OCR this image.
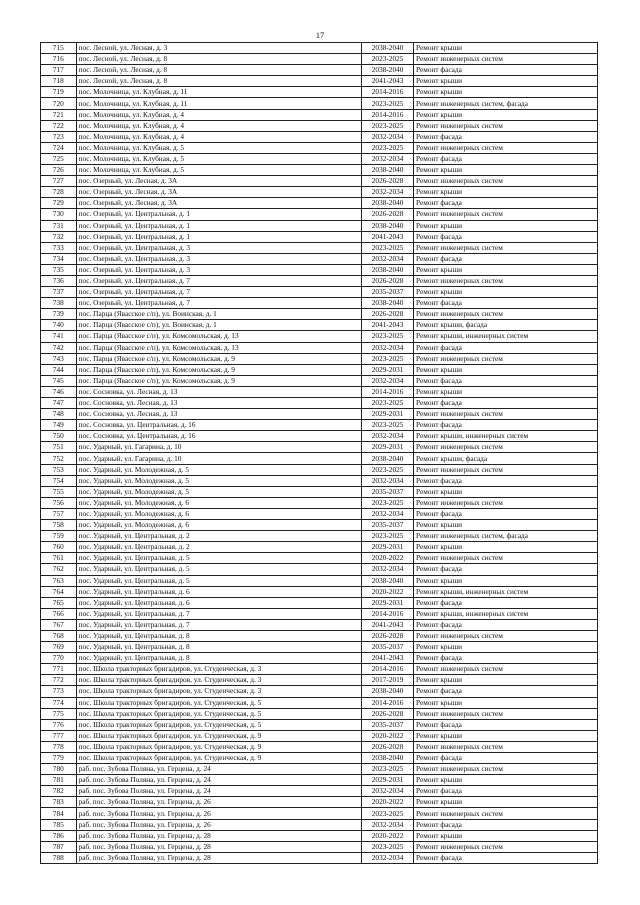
17
715	пос. Лесной, ул. Лесная, д. 3	2038-2040	Ремонт крыши
716	пос. Лесной, ул. Лесная, д. 8	2023-2025	Ремонт инженерных систем
717	пос. Лесной, ул. Лесная, д. 8	2038-2040	Ремонт фасада
718	пос. Лесной, ул. Лесная, д. 8	2041-2043	Ремонт крыши
719	пос. Молочница, ул. Клубная, д. 11	2014-2016	Ремонт крыши
720	пос. Молочница, ул. Клубная, д. 11	2023-2025	Ремонт инженерных систем, фасада
721	пос. Молочница, ул. Клубная, д. 4	2014-2016	Ремонт крыши
722	пос. Молочница, ул. Клубная, д. 4	2023-2025	Ремонт инженерных систем
723	пос. Молочница, ул. Клубная, д. 4	2032-2034	Ремонт фасада
724	пос. Молочница, ул. Клубная, д. 5	2023-2025	Ремонт инженерных систем
725	пос. Молочница, ул. Клубная, д. 5	2032-2034	Ремонт фасада
726	пос. Молочница, ул. Клубная, д. 5	2038-2040	Ремонт крыши
727	пос. Озерный, ул. Лесная, д. 3А	2026-2028	Ремонт инженерных систем
728	пос. Озерный, ул. Лесная, д. 3А	2032-2034	Ремонт крыши
729	пос. Озерный, ул. Лесная, д. 3А	2038-2040	Ремонт фасада
730	пос. Озерный, ул. Центральная, д. 1	2026-2028	Ремонт инженерных систем
731	пос. Озерный, ул. Центральная, д. 1	2038-2040	Ремонт крыши
732	пос. Озерный, ул. Центральная, д. 1	2041-2043	Ремонт фасада
733	пос. Озерный, ул. Центральная, д. 3	2023-2025	Ремонт инженерных систем
734	пос. Озерный, ул. Центральная, д. 3	2032-2034	Ремонт фасада
735	пос. Озерный, ул. Центральная, д. 3	2038-2040	Ремонт крыши
736	пос. Озерный, ул. Центральная, д. 7	2026-2028	Ремонт инженерных систем
737	пос. Озерный, ул. Центральная, д. 7	2035-2037	Ремонт крыши
738	пос. Озерный, ул. Центральная, д. 7	2038-2040	Ремонт фасада
739	пос. Парца (Явасское с/п), ул. Воинская, д. 1	2026-2028	Ремонт инженерных систем
740	пос. Парца (Явасское с/п), ул. Воинская, д. 1	2041-2043	Ремонт крыши, фасада
741	пос. Парца (Явасское с/п), ул. Комсомольская, д. 13	2023-2025	Ремонт крыши, инженерных систем
742	пос. Парца (Явасское с/п), ул. Комсомольская, д. 13	2032-2034	Ремонт фасада
743	пос. Парца (Явасское с/п), ул. Комсомольская, д. 9	2023-2025	Ремонт инженерных систем
744	пос. Парца (Явасское с/п), ул. Комсомольская, д. 9	2029-2031	Ремонт крыши
745	пос. Парца (Явасское с/п), ул. Комсомольская, д. 9	2032-2034	Ремонт фасада
746	пос. Сосновка, ул. Лесная, д. 13	2014-2016	Ремонт крыши
747	пос. Сосновка, ул. Лесная, д. 13	2023-2025	Ремонт фасада
748	пос. Сосновка, ул. Лесная, д. 13	2029-2031	Ремонт инженерных систем
749	пос. Сосновка, ул. Центральная, д. 16	2023-2025	Ремонт фасада
750	пос. Сосновка, ул. Центральная, д. 16	2032-2034	Ремонт крыши, инженерных систем
751	пос. Ударный, ул. Гагарина, д. 10	2029-2031	Ремонт инженерных систем
752	пос. Ударный, ул. Гагарина, д. 10	2038-2040	Ремонт крыши, фасада
753	пос. Ударный, ул. Молодежная, д. 5	2023-2025	Ремонт инженерных систем
754	пос. Ударный, ул. Молодежная, д. 5	2032-2034	Ремонт фасада
755	пос. Ударный, ул. Молодежная, д. 5	2035-2037	Ремонт крыши
756	пос. Ударный, ул. Молодежная, д. 6	2023-2025	Ремонт инженерных систем
757	пос. Ударный, ул. Молодежная, д. 6	2032-2034	Ремонт фасада
758	пос. Ударный, ул. Молодежная, д. 6	2035-2037	Ремонт крыши
759	пос. Ударный, ул. Центральная, д. 2	2023-2025	Ремонт инженерных систем, фасада
760	пос. Ударный, ул. Центральная, д. 2	2029-2031	Ремонт крыши
761	пос. Ударный, ул. Центральная, д. 5	2020-2022	Ремонт инженерных систем
762	пос. Ударный, ул. Центральная, д. 5	2032-2034	Ремонт фасада
763	пос. Ударный, ул. Центральная, д. 5	2038-2040	Ремонт крыши
764	пос. Ударный, ул. Центральная, д. 6	2020-2022	Ремонт крыши, инженерных систем
765	пос. Ударный, ул. Центральная, д. 6	2029-2031	Ремонт фасада
766	пос. Ударный, ул. Центральная, д. 7	2014-2016	Ремонт крыши, инженерных систем
767	пос. Ударный, ул. Центральная, д. 7	2041-2043	Ремонт фасада
768	пос. Ударный, ул. Центральная, д. 8	2026-2028	Ремонт инженерных систем
769	пос. Ударный, ул. Центральная, д. 8	2035-2037	Ремонт крыши
770	пос. Ударный, ул. Центральная, д. 8	2041-2043	Ремонт фасада
771	пос. Школа тракторных бригадиров, ул. Студенческая, д. 3	2014-2016	Ремонт инженерных систем
772	пос. Школа тракторных бригадиров, ул. Студенческая, д. 3	2017-2019	Ремонт крыши
773	пос. Школа тракторных бригадиров, ул. Студенческая, д. 3	2038-2040	Ремонт фасада
774	пос. Школа тракторных бригадиров, ул. Студенческая, д. 5	2014-2016	Ремонт крыши
775	пос. Школа тракторных бригадиров, ул. Студенческая, д. 5	2026-2028	Ремонт инженерных систем
776	пос. Школа тракторных бригадиров, ул. Студенческая, д. 5	2035-2037	Ремонт фасада
777	пос. Школа тракторных бригадиров, ул. Студенческая, д. 9	2020-2022	Ремонт крыши
778	пос. Школа тракторных бригадиров, ул. Студенческая, д. 9	2026-2028	Ремонт инженерных систем
779	пос. Школа тракторных бригадиров, ул. Студенческая, д. 9	2038-2040	Ремонт фасада
780	раб. пос. Зубова Поляна, ул. Герцена, д. 24	2023-2025	Ремонт инженерных систем
781	раб. пос. Зубова Поляна, ул. Герцена, д. 24	2029-2031	Ремонт крыши
782	раб. пос. Зубова Поляна, ул. Герцена, д. 24	2032-2034	Ремонт фасада
783	раб. пос. Зубова Поляна, ул. Герцена, д. 26	2020-2022	Ремонт крыши
784	раб. пос. Зубова Поляна, ул. Герцена, д. 26	2023-2025	Ремонт инженерных систем
785	раб. пос. Зубова Поляна, ул. Герцена, д. 26	2032-2034	Ремонт фасада
786	раб. пос. Зубова Поляна, ул. Герцена, д. 28	2020-2022	Ремонт крыши
787	раб. пос. Зубова Поляна, ул. Герцена, д. 28	2023-2025	Ремонт инженерных систем
788	раб. пос. Зубова Поляна, ул. Герцена, д. 28	2032-2034	Ремонт фасада
